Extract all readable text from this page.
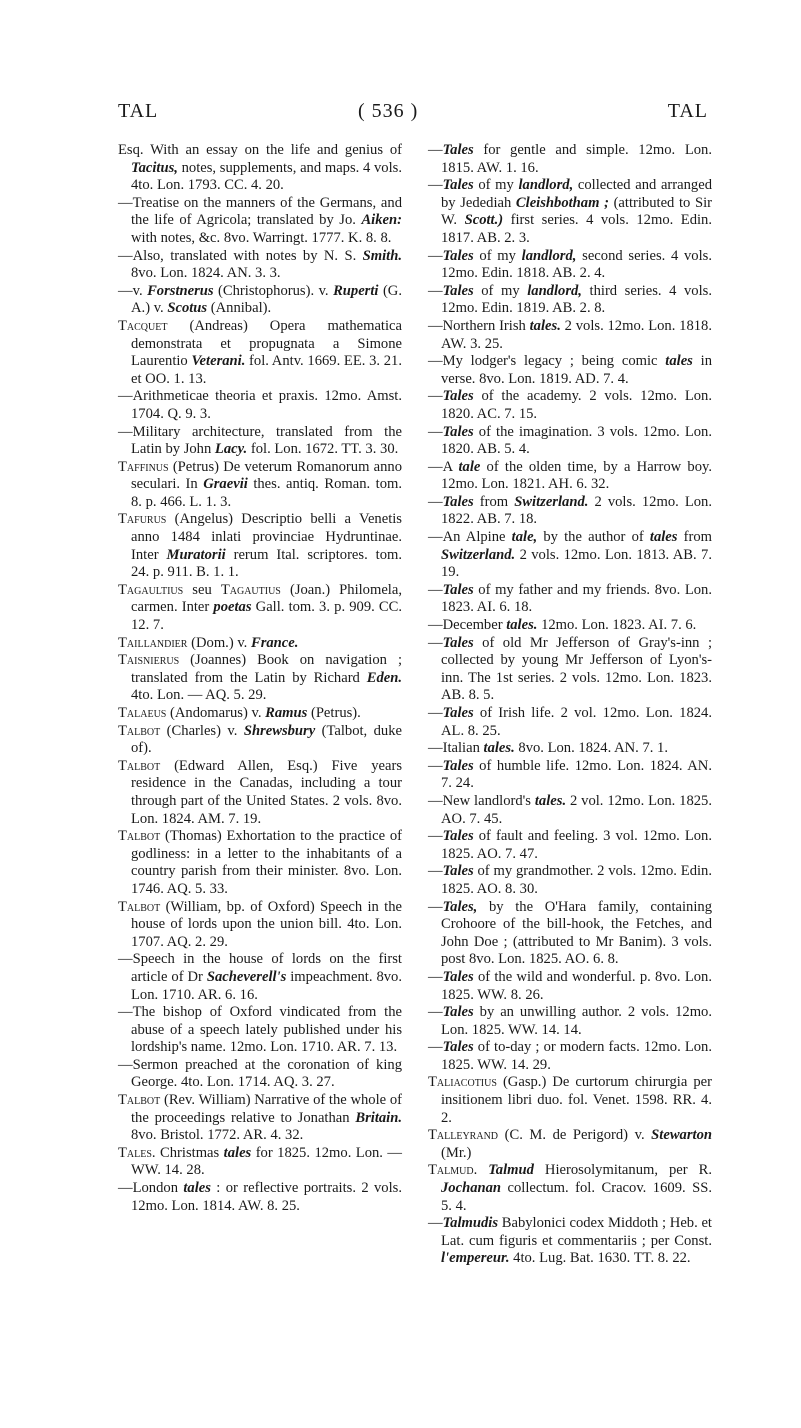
TAL	( 536 )	TAL
Esq. With an essay on the life and genius of Tacitus, notes, supplements, and maps. 4 vols. 4to. Lon. 1793. CC. 4. 20.
—Treatise on the manners of the Germans, and the life of Agricola; translated by Jo. Aiken: with notes, &c. 8vo. Warringt. 1777. K. 8. 8.
—Also, translated with notes by N. S. Smith. 8vo. Lon. 1824. AN. 3. 3.
—v. Forstnerus (Christophorus). v. Ruperti (G. A.) v. Scotus (Annibal).
Tacquet (Andreas) Opera mathematica demonstrata et propugnata a Simone Laurentio Veterani. fol. Antv. 1669. EE. 3. 21. et OO. 1. 13.
—Arithmeticae theoria et praxis. 12mo. Amst. 1704. Q. 9. 3.
—Military architecture, translated from the Latin by John Lacy. fol. Lon. 1672. TT. 3. 30.
Taffinus (Petrus) De veterum Romanorum anno seculari. In Graevii thes. antiq. Roman. tom. 8. p. 466. L. 1. 3.
Tafurus (Angelus) Descriptio belli a Venetis anno 1484 inlati provinciae Hydruntinae. Inter Muratorii rerum Ital. scriptores. tom. 24. p. 911. B. 1. 1.
Tagaultius seu Tagautius (Joan.) Philomela, carmen. Inter poetas Gall. tom. 3. p. 909. CC. 12. 7.
Taillandier (Dom.) v. France.
Taisnierus (Joannes) Book on navigation ; translated from the Latin by Richard Eden. 4to. Lon. — AQ. 5. 29.
Talaeus (Andomarus) v. Ramus (Petrus).
Talbot (Charles) v. Shrewsbury (Talbot, duke of).
Talbot (Edward Allen, Esq.) Five years residence in the Canadas, including a tour through part of the United States. 2 vols. 8vo. Lon. 1824. AM. 7. 19.
Talbot (Thomas) Exhortation to the practice of godliness: in a letter to the inhabitants of a country parish from their minister. 8vo. Lon. 1746. AQ. 5. 33.
Talbot (William, bp. of Oxford) Speech in the house of lords upon the union bill. 4to. Lon. 1707. AQ. 2. 29.
—Speech in the house of lords on the first article of Dr Sacheverell's impeachment. 8vo. Lon. 1710. AR. 6. 16.
—The bishop of Oxford vindicated from the abuse of a speech lately published under his lordship's name. 12mo. Lon. 1710. AR. 7. 13.
—Sermon preached at the coronation of king George. 4to. Lon. 1714. AQ. 3. 27.
Talbot (Rev. William) Narrative of the whole of the proceedings relative to Jonathan Britain. 8vo. Bristol. 1772. AR. 4. 32.
Tales. Christmas tales for 1825. 12mo. Lon. — WW. 14. 28.
—London tales : or reflective portraits. 2 vols. 12mo. Lon. 1814. AW. 8. 25.
—Tales for gentle and simple. 12mo. Lon. 1815. AW. 1. 16.
—Tales of my landlord, collected and arranged by Jedediah Cleishbotham ; (attributed to Sir W. Scott.) first series. 4 vols. 12mo. Edin. 1817. AB. 2. 3.
—Tales of my landlord, second series. 4 vols. 12mo. Edin. 1818. AB. 2. 4.
—Tales of my landlord, third series. 4 vols. 12mo. Edin. 1819. AB. 2. 8.
—Northern Irish tales. 2 vols. 12mo. Lon. 1818. AW. 3. 25.
—My lodger's legacy ; being comic tales in verse. 8vo. Lon. 1819. AD. 7. 4.
—Tales of the academy. 2 vols. 12mo. Lon. 1820. AC. 7. 15.
—Tales of the imagination. 3 vols. 12mo. Lon. 1820. AB. 5. 4.
—A tale of the olden time, by a Harrow boy. 12mo. Lon. 1821. AH. 6. 32.
—Tales from Switzerland. 2 vols. 12mo. Lon. 1822. AB. 7. 18.
—An Alpine tale, by the author of tales from Switzerland. 2 vols. 12mo. Lon. 1813. AB. 7. 19.
—Tales of my father and my friends. 8vo. Lon. 1823. AI. 6. 18.
—December tales. 12mo. Lon. 1823. AI. 7. 6.
—Tales of old Mr Jefferson of Gray's-inn ; collected by young Mr Jefferson of Lyon's-inn. The 1st series. 2 vols. 12mo. Lon. 1823. AB. 8. 5.
—Tales of Irish life. 2 vol. 12mo. Lon. 1824. AL. 8. 25.
—Italian tales. 8vo. Lon. 1824. AN. 7. 1.
—Tales of humble life. 12mo. Lon. 1824. AN. 7. 24.
—New landlord's tales. 2 vol. 12mo. Lon. 1825. AO. 7. 45.
—Tales of fault and feeling. 3 vol. 12mo. Lon. 1825. AO. 7. 47.
—Tales of my grandmother. 2 vols. 12mo. Edin. 1825. AO. 8. 30.
—Tales, by the O'Hara family, containing Crohoore of the bill-hook, the Fetches, and John Doe ; (attributed to Mr Banim). 3 vols. post 8vo. Lon. 1825. AO. 6. 8.
—Tales of the wild and wonderful. p. 8vo. Lon. 1825. WW. 8. 26.
—Tales by an unwilling author. 2 vols. 12mo. Lon. 1825. WW. 14. 14.
—Tales of to-day ; or modern facts. 12mo. Lon. 1825. WW. 14. 29.
Taliacotius (Gasp.) De curtorum chirurgia per insitionem libri duo. fol. Venet. 1598. RR. 4. 2.
Talleyrand (C. M. de Perigord) v. Stewarton (Mr.)
Talmud. Talmud Hierosolymitanum, per R. Jochanan collectum. fol. Cracov. 1609. SS. 5. 4.
—Talmudis Babylonici codex Middoth ; Heb. et Lat. cum figuris et commentariis ; per Const. l'empereur. 4to. Lug. Bat. 1630. TT. 8. 22.
